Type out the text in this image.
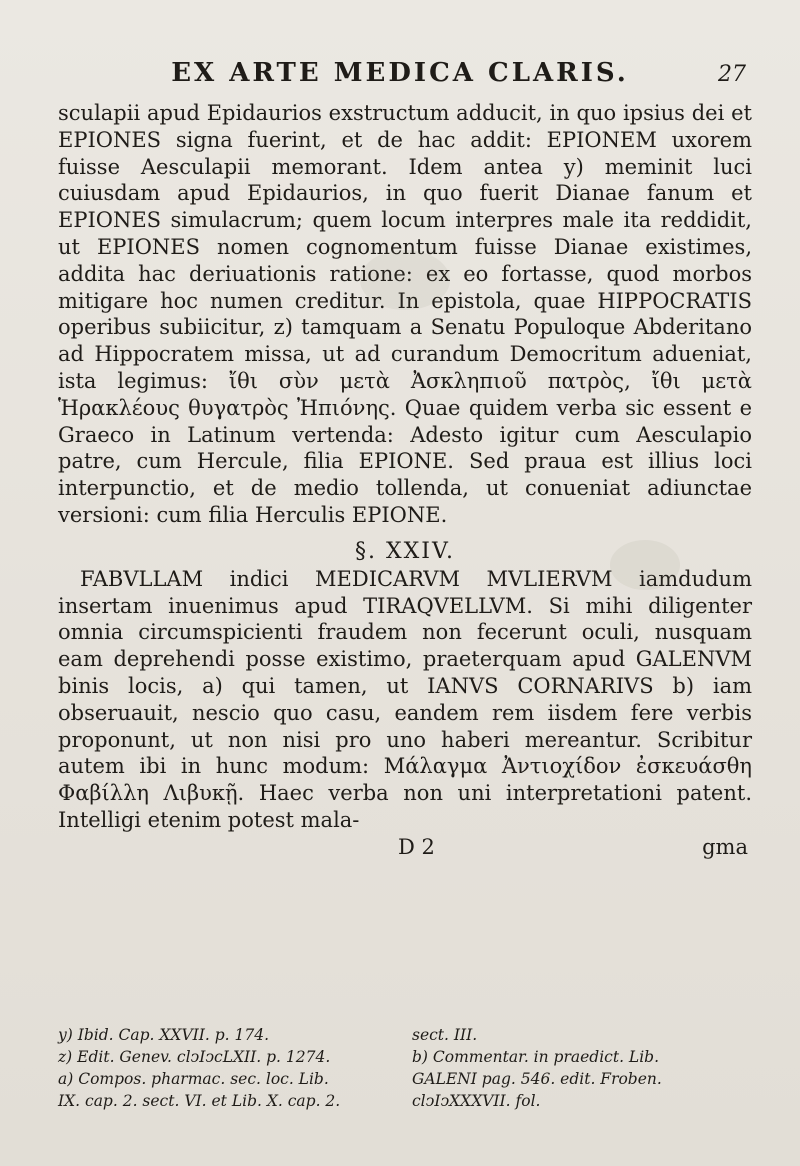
EX ARTE MEDICA CLARIS.	27

sculapii apud Epidaurios exstructum adducit, in quo ipsius dei et EPIONES signa fuerint, et de hac addit: EPIONEM uxorem fuisse Aesculapii memorant. Idem antea y) meminit luci cuiusdam apud Epidaurios, in quo fuerit Dianae fanum et EPIONES simulacrum; quem locum interpres male ita reddidit, ut EPIONES nomen cognomentum fuisse Dianae existimes, addita hac deriuationis ratione: ex eo fortasse, quod morbos mitigare hoc numen creditur. In epistola, quae HIPPOCRATIS operibus subiicitur, z) tamquam a Senatu Populoque Abderitano ad Hippocratem missa, ut ad curandum Democritum adueniat, ista legimus: ἴθι σὺν μετὰ Ἀσκληπιοῦ πατρὸς, ἴθι μετὰ Ἡρακλέους θυγατρὸς Ἠπιόνης. Quae quidem verba sic essent e Graeco in Latinum vertenda: Adesto igitur cum Aesculapio patre, cum Hercule, filia EPIONE. Sed praua est illius loci interpunctio, et de medio tollenda, ut conueniat adiunctae versioni: cum filia Herculis EPIONE.

§. XXIV.

FABVLLAM indici MEDICARVM MVLIERVM iamdudum insertam inuenimus apud TIRAQVELLVM. Si mihi diligenter omnia circumspicienti fraudem non fecerunt oculi, nusquam eam deprehendi posse existimo, praeterquam apud GALENVM binis locis, a) qui tamen, ut IANVS CORNARIVS b) iam obseruauit, nescio quo casu, eandem rem iisdem fere verbis proponunt, ut non nisi pro uno haberi mereantur. Scribitur autem ibi in hunc modum: Μάλαγμα Ἀντιοχίδον ἐσκευάσθη Φαβίλλη Λιβυκῇ. Haec verba non uni interpretationi patent. Intelligi etenim potest mala-

D 2	gma
y) Ibid. Cap. XXVII. p. 174.
z) Edit. Genev. clↄIↄcLXII. p. 1274.
a) Compos. pharmac. sec. loc. Lib.
IX. cap. 2. sect. VI. et Lib. X. cap. 2.
sect. III.
b) Commentar. in praedict. Lib.
GALENI pag. 546. edit. Froben.
clↄIↄXXXVII. fol.
